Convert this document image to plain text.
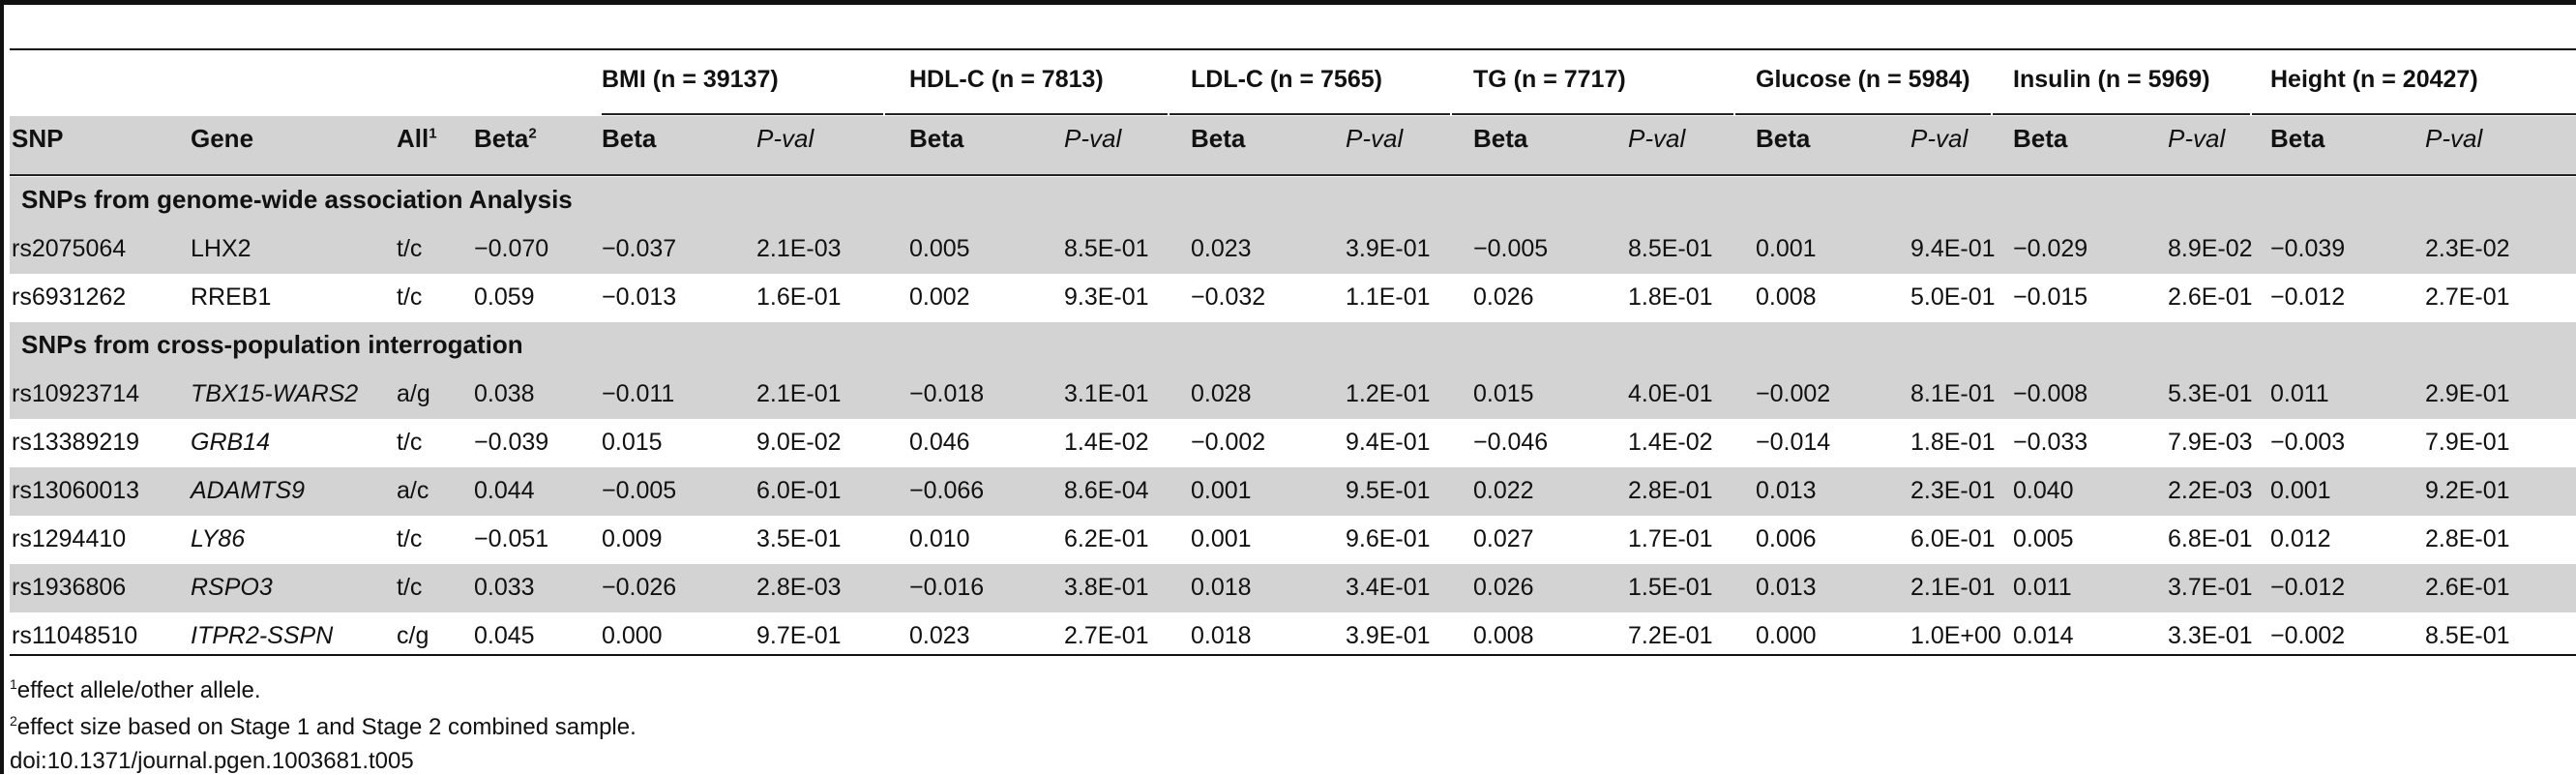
BMI (n = 39137)	HDL-C (n = 7813)	LDL-C (n = 7565)	TG (n = 7717)	Glucose (n = 5984) Insulin (n = 5969) Height (n = 20427)
SNP	Gene	All$^1$ Beta$^2$	Beta	P-val	Beta	P-val	Beta	P-val	Beta	P-val	Beta	P-val Beta	P-val Beta	P-val
SNPs from genome-wide association Analysis
rs2075064	LHX2	t/c −0.070 −0.037	2.1E-03	0.005	8.5E-01 0.023	3.9E-01 −0.005	8.5E-01 0.001	9.4E-01 −0.029	8.9E-02 −0.039	2.3E-02
rs6931262	RREB1	t/c 0.059	−0.013	1.6E-01	0.002	9.3E-01 −0.032	1.1E-01 0.026	1.8E-01 0.008	5.0E-01 −0.015	2.6E-01 −0.012	2.7E-01
SNPs from cross-population interrogation
rs10923714 TBX15-WARS2 a/g 0.038	−0.011	2.1E-01	−0.018	3.1E-01 0.028	1.2E-01 0.015	4.0E-01 −0.002	8.1E-01 −0.008	5.3E-01 0.011	2.9E-01
rs13389219 GRB14	t/c −0.039 0.015	9.0E-02	0.046	1.4E-02 −0.002	9.4E-01 −0.046	1.4E-02 −0.014	1.8E-01 −0.033	7.9E-03 −0.003	7.9E-01
rs13060013 ADAMTS9	a/c 0.044	−0.005	6.0E-01	−0.066	8.6E-04 0.001	9.5E-01 0.022	2.8E-01 0.013	2.3E-01 0.040	2.2E-03 0.001	9.2E-01
rs1294410	LY86	t/c −0.051 0.009	3.5E-01	0.010	6.2E-01 0.001	9.6E-01 0.027	1.7E-01 0.006	6.0E-01 0.005	6.8E-01 0.012	2.8E-01
rs1936806	RSPO3	t/c 0.033	−0.026	2.8E-03	−0.016	3.8E-01 0.018	3.4E-01 0.026	1.5E-01 0.013	2.1E-01 0.011	3.7E-01 −0.012	2.6E-01
rs11048510 ITPR2-SSPN	c/g 0.045	0.000	9.7E-01	0.023	2.7E-01 0.018	3.9E-01 0.008	7.2E-01 0.000	1.0E+00 0.014	3.3E-01 −0.002	8.5E-01
$^1$effect allele/other allele.
$^2$effect size based on Stage 1 and Stage 2 combined sample.
doi:10.1371/journal.pgen.1003681.t005
